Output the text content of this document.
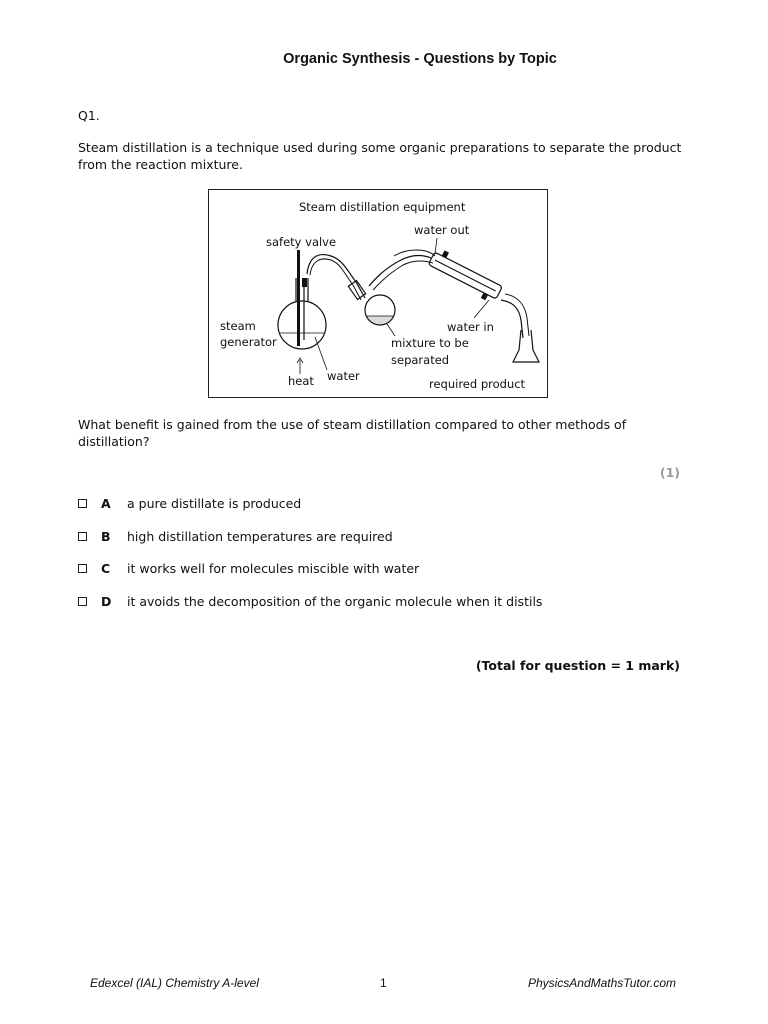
Organic Synthesis - Questions by Topic
Q1.
Steam distillation is a technique used during some organic preparations to separate the product from the reaction mixture.
Steam distillation equipment
safety valve
water out
steam
generator
water in
mixture to be
separated
heat water
required product
What benefit is gained from the use of steam distillation compared to other methods of distillation?
(1)
A a pure distillate is produced
B high distillation temperatures are required
C it works well for molecules miscible with water
D it avoids the decomposition of the organic molecule when it distils
(Total for question = 1 mark)
Edexcel (IAL) Chemistry A-level	1	PhysicsAndMathsTutor.com
